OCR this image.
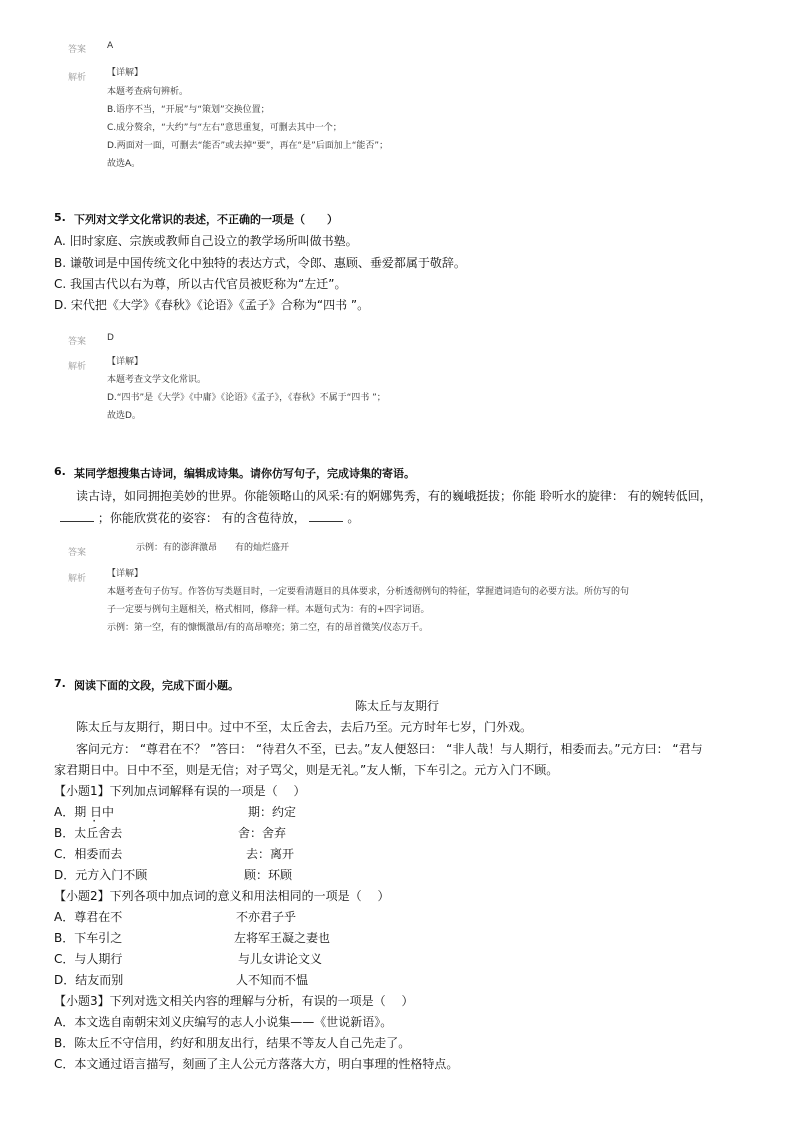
答案 A
解析 【详解】
本题考查病句辨析。
B.语序不当，“开展”与“策划”交换位置；
C.成分赘余，“大约”与“左右”意思重复，可删去其中一个；
D.两面对一面，可删去“能否”或去掉“要”，再在“是”后面加上“能否”；
故选A。
5. 下列对文学文化常识的表述，不正确的一项是（　　）
A. 旧时家庭、宗族或教师自己设立的教学场所叫做书塾。
B. 谦敬词是中国传统文化中独特的表达方式，令郎、惠顾、垂爱都属于敬辞。
C. 我国古代以右为尊，所以古代官员被贬称为“左迁”。
D. 宋代把《大学》《春秋》《论语》《孟子》合称为“四书 ”。
答案 D
解析 【详解】
本题考查文学文化常识。
D.“四书”是《大学》《中庸》《论语》《孟子》，《春秋》不属于“四书 ”；
故选D。
6. 某同学想搜集古诗词，编辑成诗集。请你仿写句子，完成诗集的寄语。
读古诗，如同拥抱美妙的世界。你能领略山的风采:有的婀娜隽秀，有的巍峨挺拔；你能 聆听水的旋律： 有的婉转低回，
；你能欣赏花的姿容： 有的含苞待放，	。
答案	示例：有的澎湃激昂　　有的灿烂盛开
解析 【详解】
本题考查句子仿写。作答仿写类题目时，一定要看清题目的具体要求，分析透彻例句的特征，掌握遣词造句的必要方法。所仿写的句
子一定要与例句主题相关，格式相同，修辞一样。本题句式为：有的+四字词语。
示例：第一空，有的慷慨激昂/有的高昂嘹亮；第二空，有的昂首微笑/仪态万千。
7. 阅读下面的文段，完成下面小题。
陈太丘与友期行
陈太丘与友期行，期日中。过中不至，太丘舍去，去后乃至。元方时年七岁，门外戏。
客问元方： “尊君在不？ ”答曰： “待君久不至，已去。”友人便怒曰： “非人哉！与人期行，相委而去。”元方曰： “君与
家君期日中。日中不至，则是无信；对子骂父，则是无礼。”友人惭，下车引之。元方入门不顾。
【小题1】下列加点词解释有误的一项是（　 ）
A．期 日中 ·	期：约定
B．太丘舍去	舍：舍弃
C．相委而去	去：离开
D．元方入门不顾	顾：环顾
【小题2】下列各项中加点词的意义和用法相同的一项是（　 ）
A．尊君在不	不亦君子乎
B．下车引之	左将军王凝之妻也
C．与人期行	与儿女讲论文义
D．结友而别	人不知而不愠
【小题3】下列对选文相关内容的理解与分析，有误的一项是（　 ）
A．本文选自南朝宋刘义庆编写的志人小说集——《世说新语》。
B．陈太丘不守信用，约好和朋友出行，结果不等友人自己先走了。
C．本文通过语言描写，刻画了主人公元方落落大方，明白事理的性格特点。
